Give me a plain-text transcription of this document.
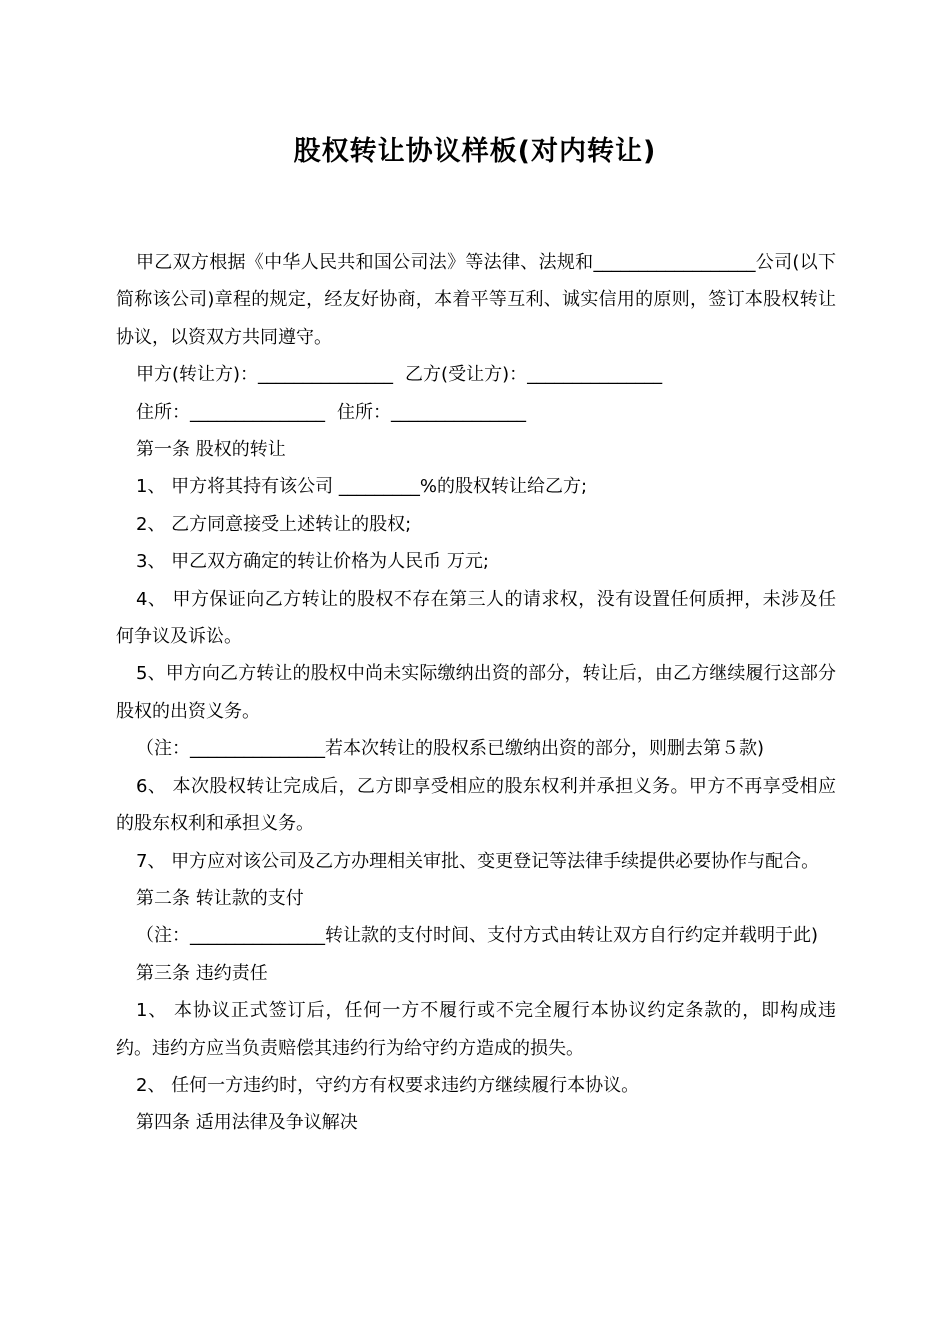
股权转让协议样板(对内转让)

甲乙双方根据《中华人民共和国公司法》等法律、法规和__________________公司(以下简称该公司)章程的规定，经友好协商，本着平等互利、诚实信用的原则，签订本股权转让协议，以资双方共同遵守。

甲方(转让方)：_______________ 乙方(受让方)：_______________

住所：_______________ 住所：_______________

第一条 股权的转让

1、 甲方将其持有该公司 _________%的股权转让给乙方;

2、 乙方同意接受上述转让的股权;

3、 甲乙双方确定的转让价格为人民币 万元;

4、 甲方保证向乙方转让的股权不存在第三人的请求权，没有设置任何质押，未涉及任何争议及诉讼。

5、甲方向乙方转让的股权中尚未实际缴纳出资的部分，转让后，由乙方继续履行这部分股权的出资义务。

（注：_______________若本次转让的股权系已缴纳出资的部分，则删去第５款)

6、 本次股权转让完成后，乙方即享受相应的股东权利并承担义务。甲方不再享受相应的股东权利和承担义务。

7、 甲方应对该公司及乙方办理相关审批、变更登记等法律手续提供必要协作与配合。

第二条 转让款的支付

（注：_______________转让款的支付时间、支付方式由转让双方自行约定并载明于此)

第三条 违约责任

1、 本协议正式签订后，任何一方不履行或不完全履行本协议约定条款的，即构成违约。违约方应当负责赔偿其违约行为给守约方造成的损失。

2、 任何一方违约时，守约方有权要求违约方继续履行本协议。

第四条 适用法律及争议解决
